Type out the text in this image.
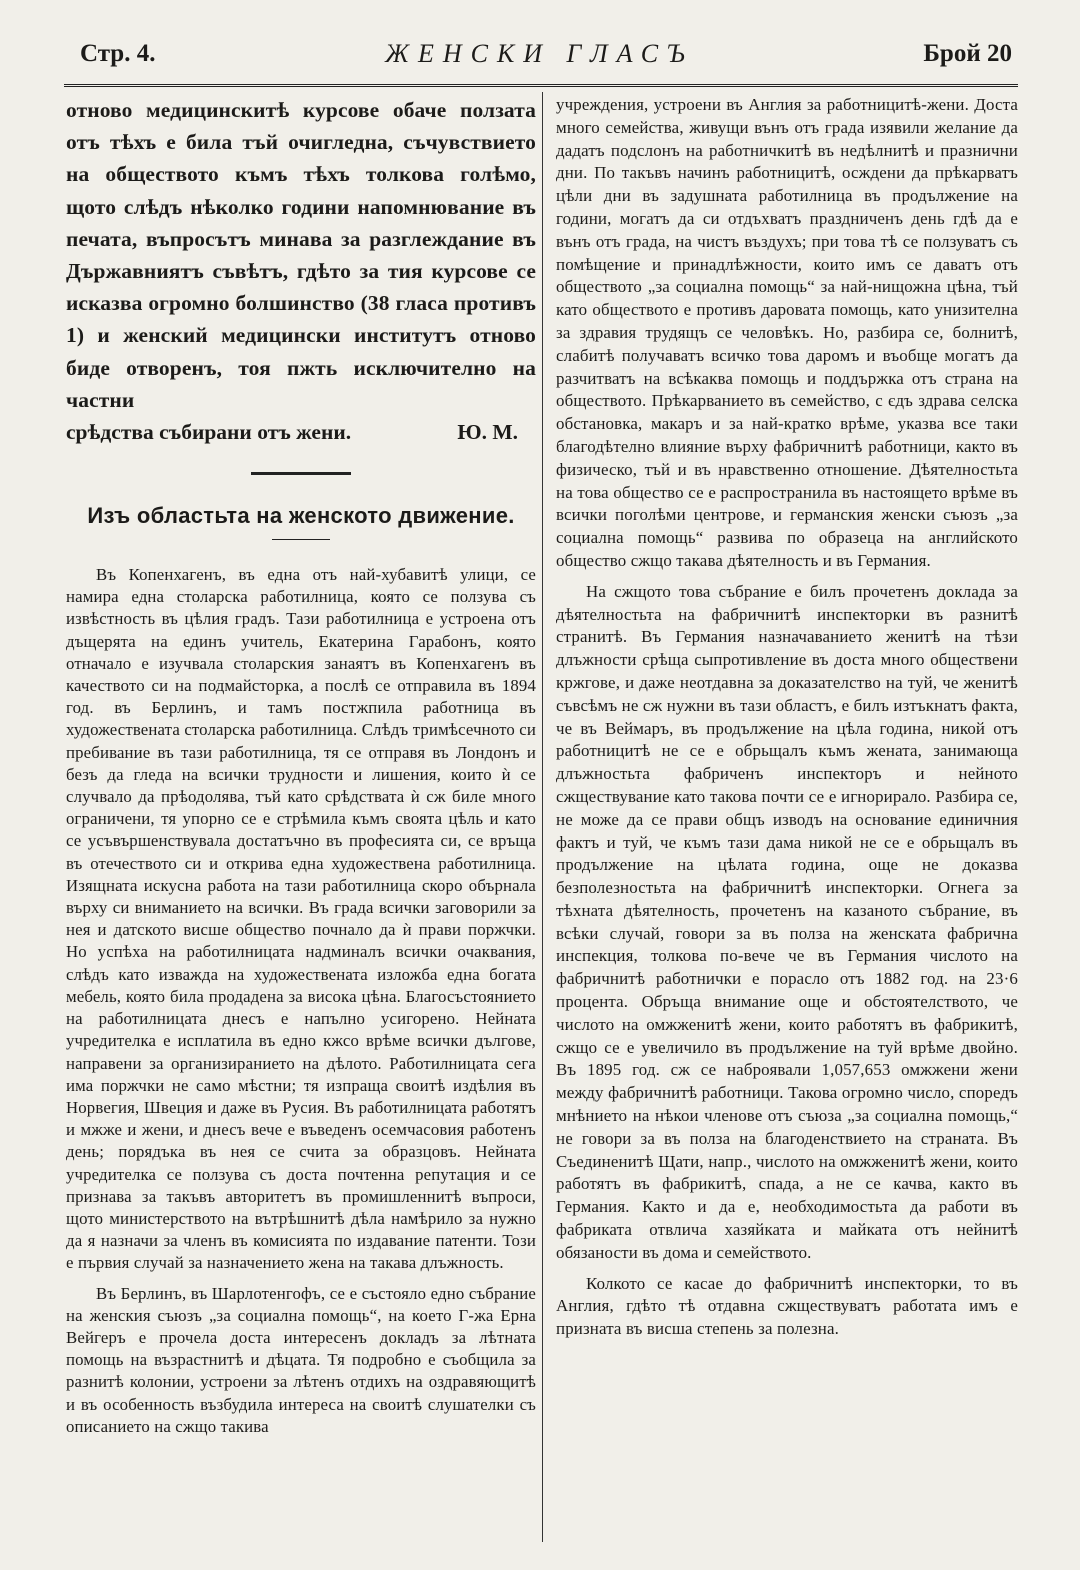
Стр. 4.	ЖЕНСКИ ГЛАСЪ	Брой 20

отново медицинскитѣ курсове обаче ползата отъ тѣхъ е била тъй очигледна, съчувствието на обществото къмъ тѣхъ толкова голѣмо, щото слѣдъ нѣколко години напомнювание въ печата, въпросътъ минава за разглеждание въ Държавниятъ съвѣтъ, гдѣто за тия курсове се исказва огромно болшинство (38 гласа противъ 1) и женский медицински институтъ отново биде отворенъ, тоя пжть исключително на частни

срѣдства събирани отъ жени.	Ю. М.
Изъ областьта на женското движение.

Въ Копенхагенъ, въ една отъ най-хубавитѣ улици, се намира една столарска работилница, която се ползува съ извѣстность въ цѣлия градъ. Тази работилница е устроена отъ дъщерята на единъ учитель, Екатерина Гарабонъ, която отначало е изучвала столарския занаятъ въ Копенхагенъ въ качеството си на подмайсторка, а послѣ се отправила въ 1894 год. въ Берлинъ, и тамъ постжпила работница въ художествената столарска работилница. Слѣдъ тримѣсечното си пребивание въ тази работилница, тя се отправя въ Лондонъ и безъ да гледа на всички трудности и лишения, които ѝ се случвало да прѣодолява, тъй като срѣдствата ѝ сж биле много ограничени, тя упорно се е стрѣмила къмъ своята цѣль и като се усъвършенствувала достатъчно въ професията си, се връща въ отечеството си и открива една художествена работилница. Изящната искусна работа на тази работилница скоро обърнала върху си вниманието на всички. Въ града всички заговорили за нея и датското висше общество почнало да ѝ прави поржчки. Но успѣха на работилницата надминалъ всички очаквания, слѣдъ като изважда на художествената изложба една богата мебель, която била продадена за висока цѣна. Благосъстоянието на работилницата днесъ е напълно усигорено. Нейната учредителка е исплатила въ едно кжсо врѣме всички дългове, направени за организиранието на дѣлото. Работилницата сега има поржчки не само мѣстни; тя изпраща своитѣ издѣлия въ Норвегия, Швеция и даже въ Русия. Въ работилницата работятъ и мжже и жени, и днесъ вече е въведенъ осемчасовия работенъ день; порядъка въ нея се счита за образцовъ. Нейната учредителка се ползува съ доста почтенна репутация и се признава за такъвъ авторитетъ въ промишленнитѣ въпроси, щото министерството на вътрѣшнитѣ дѣла намѣрило за нужно да я назначи за членъ въ комисията по издавание патенти. Този е първия случай за назначението жена на такава длъжность.

Въ Берлинъ, въ Шарлотенгофъ, се е състояло едно събрание на женския съюзъ „за социална помощь“, на което Г-жа Ерна Вейгеръ е прочела доста интересенъ докладъ за лѣтната помощь на възрастнитѣ и дѣцата. Тя подробно е съобщила за разнитѣ колонии, устроени за лѣтенъ отдихъ на оздравяющитѣ и въ особенность възбудила интереса на своитѣ слушателки съ описанието на сжщо такива

учреждения, устроени въ Англия за работницитѣ-жени. Доста много семейства, живущи вънъ отъ града изявили желание да дадатъ подслонъ на работничкитѣ въ недѣлнитѣ и празнични дни. По такъвъ начинъ работницитѣ, осждени да прѣкарватъ цѣли дни въ задушната работилница въ продължение на години, могатъ да си отдъхватъ праздниченъ день гдѣ да е вънъ отъ града, на чистъ въздухъ; при това тѣ се ползуватъ съ помѣщение и принадлѣжности, които имъ се даватъ отъ обществото „за социална помощь“ за най-нищожна цѣна, тъй като обществото е противъ даровата помощь, като унизителна за здравия трудящъ се человѣкъ. Но, разбира се, болнитѣ, слабитѣ получаватъ всичко това даромъ и въобще могатъ да разчитватъ на всѣкаква помощь и поддържка отъ страна на обществото. Прѣкарванието въ семейство, с єдъ здрава селска обстановка, макаръ и за най-кратко врѣме, указва все таки благодѣтелно влияние върху фабричнитѣ работници, както въ физическо, тъй и въ нравственно отношение. Дѣятелностьта на това общество се е распространила въ настоящето врѣме въ всички поголѣми центрове, и германския женски съюзъ „за социална помощь“ развива по образеца на английското общество сжщо такава дѣятелность и въ Германия.

На сжщото това събрание е билъ прочетенъ доклада за дѣятелностьта на фабричнитѣ инспекторки въ разнитѣ странитѣ. Въ Германия назначаванието женитѣ на тѣзи длъжности срѣща сыпротивление въ доста много обществени кржгове, и даже неотдавна за доказателство на туй, че женитѣ съвсѣмъ не сж нужни въ тази областъ, е билъ изтъкнатъ факта, че въ Веймаръ, въ продължение на цѣла година, никой отъ работницитѣ не се е обрьщалъ къмъ жената, занимающа длъжностьта фабриченъ инспекторъ и нейното сжществувание като такова почти се е игнорирало. Разбира се, не може да се прави общъ изводъ на основание единичния фактъ и туй, че къмъ тази дама никой не се е обрьщалъ въ продължение на цѣлата година, още не доказва безполезностьта на фабричнитѣ инспекторки. Огнега за тѣхната дѣятелность, прочетенъ на казаното събрание, въ всѣки случай, говори за въ полза на женската фабрична инспекция, толкова по-вече че въ Германия числото на фабричнитѣ работнички е порасло отъ 1882 год. на 23·6 процента. Обръща внимание още и обстоятелството, че числото на омжженитѣ жени, които работятъ въ фабрикитѣ, сжщо се е увеличило въ продължение на туй врѣме двойно. Въ 1895 год. сж се наброявали 1,057,653 омжжени жени между фабричнитѣ работници. Такова огромно число, споредъ мнѣнието на нѣкои членове отъ съюза „за социална помощь,“ не говори за въ полза на благоденствието на страната. Въ Съединенитѣ Щати, напр., числото на омжженитѣ жени, които работятъ въ фабрикитѣ, спада, а не се качва, както въ Германия. Както и да е, необходимостьта да работи въ фабриката отвлича хазяйката и майката отъ нейнитѣ обязаности въ дома и семейството.

Колкото се касае до фабричнитѣ инспекторки, то въ Англия, гдѣто тѣ отдавна сжществуватъ работата имъ е призната въ висша степень за полезна.
